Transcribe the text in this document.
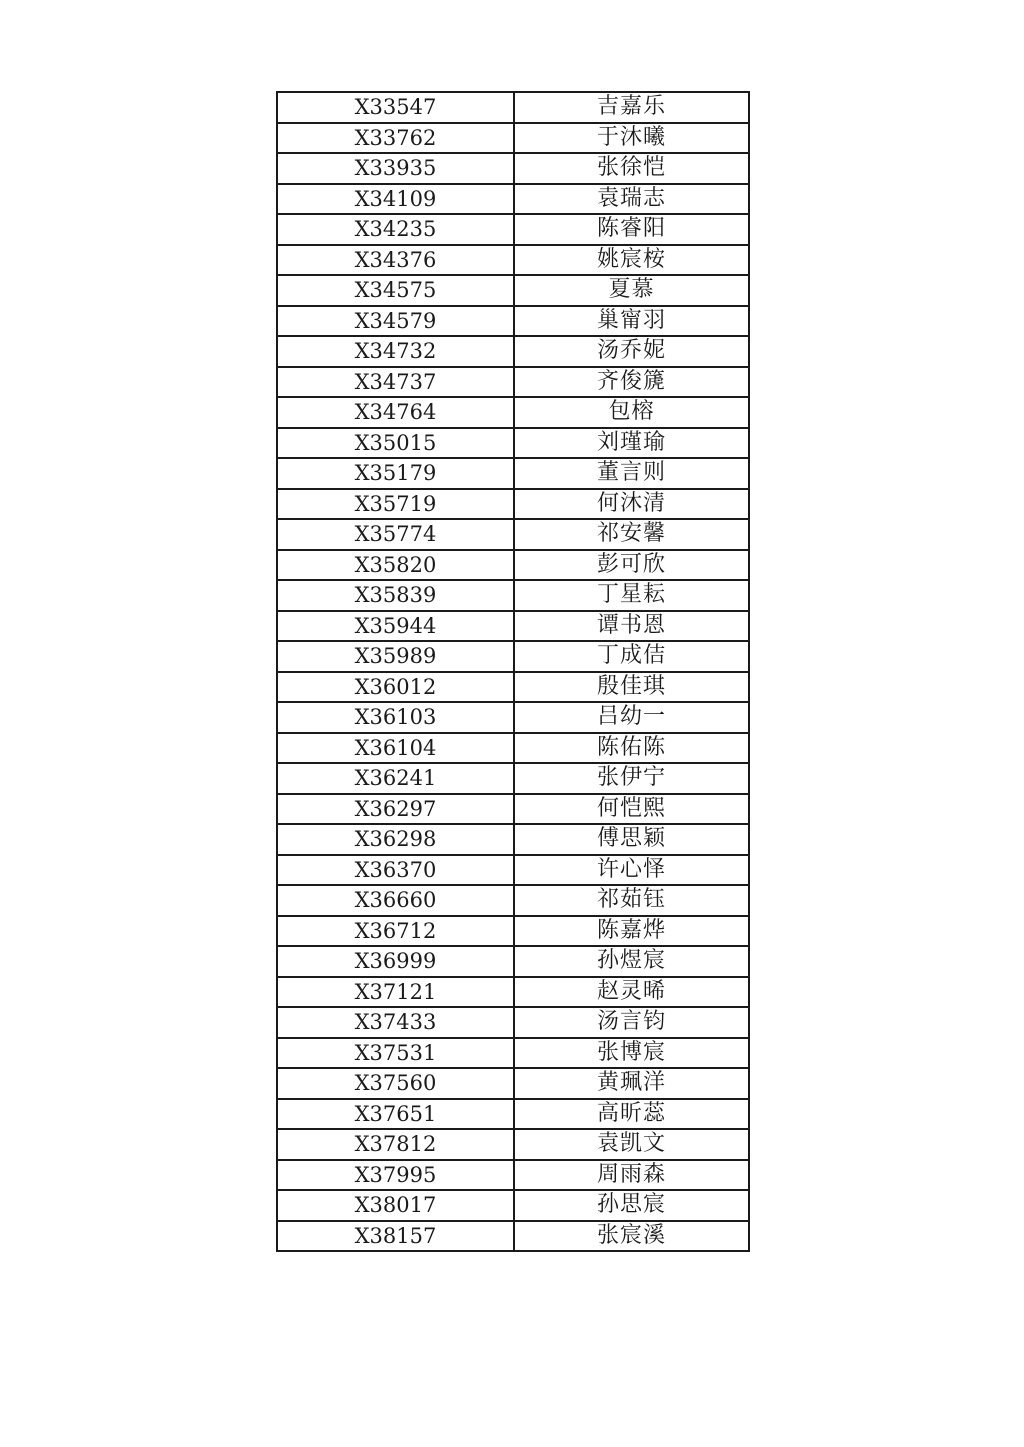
X33547	吉嘉乐
X33762	于沐曦
X33935	张徐恺
X34109	袁瑞志
X34235	陈睿阳
X34376	姚宸桉
X34575	夏慕
X34579	巢甯羽
X34732	汤乔妮
X34737	齐俊篪
X34764	包榕
X35015	刘瑾瑜
X35179	董言则
X35719	何沐清
X35774	祁安馨
X35820	彭可欣
X35839	丁星耘
X35944	谭书恩
X35989	丁成佶
X36012	殷佳琪
X36103	吕幼一
X36104	陈佑陈
X36241	张伊宁
X36297	何恺熙
X36298	傅思颖
X36370	许心怿
X36660	祁茹钰
X36712	陈嘉烨
X36999	孙煜宸
X37121	赵灵晞
X37433	汤言钧
X37531	张博宸
X37560	黄珮洋
X37651	高昕蕊
X37812	袁凯文
X37995	周雨森
X38017	孙思宸
X38157	张宸溪
